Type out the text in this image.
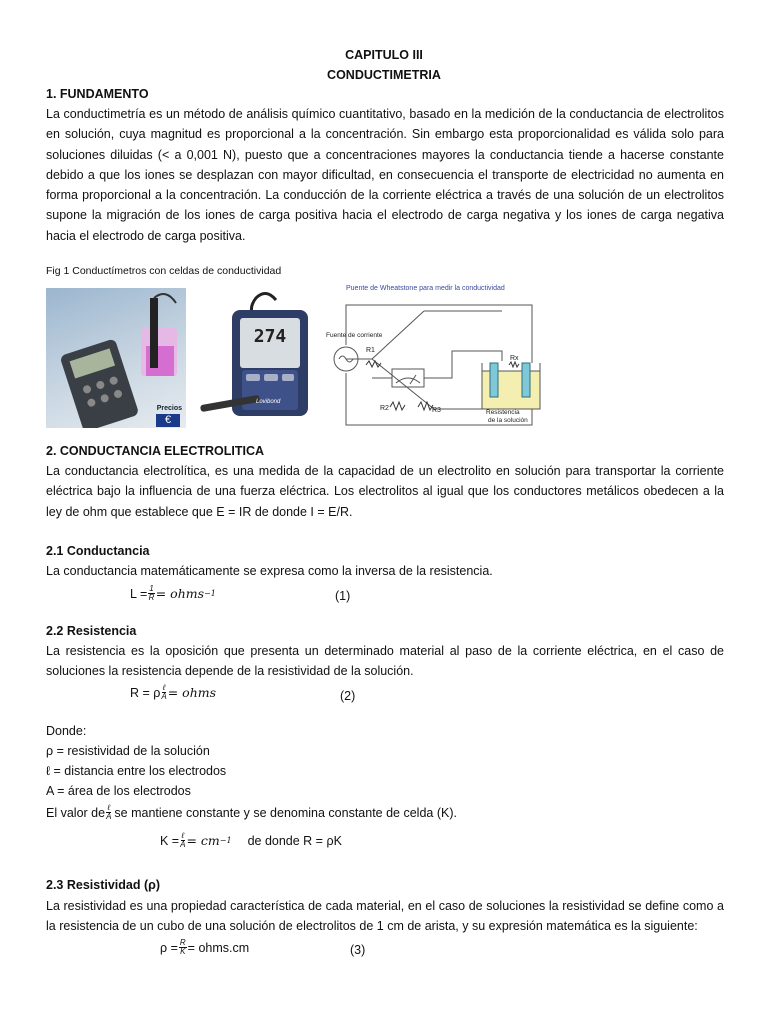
CAPITULO III
CONDUCTIMETRIA
1. FUNDAMENTO
La conductimetría es un método de análisis químico cuantitativo, basado en la medición de la conductancia de electrolitos en solución, cuya magnitud es proporcional a la concentración. Sin embargo esta proporcionalidad es válida solo para soluciones diluidas (< a 0,001 N), puesto que a concentraciones mayores la conductancia tiende a hacerse constante debido a que los iones se desplazan con mayor dificultad, en consecuencia el transporte de electricidad no aumenta en forma proporcional a la concentración. La conducción de la corriente eléctrica a través de una solución de un electrolitos supone la migración de los iones de carga positiva hacia el electrodo de carga negativa y los iones de carga negativa hacia el electrodo de carga positiva.
Fig 1 Conductímetros con celdas de conductividad
Precios
€
274
Lovibond
Puente de Wheatstone para medir la conductividad
Fuente de corriente
R1
R2	R3
Rx
Resistencia
de la solución
2. CONDUCTANCIA ELECTROLITICA
La conductancia electrolítica, es una medida de la capacidad de un electrolito en solución para transportar la corriente eléctrica bajo la influencia de una fuerza eléctrica. Los electrolitos al igual que los conductores metálicos obedecen a la ley de ohm que establece que E = IR de donde I = E/R.
2.1 Conductancia
La conductancia matemáticamente se expresa como la inversa de la resistencia.
$L = \frac{1}{R}$ = ohms −1	(1)
2.2 Resistencia
La resistencia es la oposición que presenta un determinado material al paso de la corriente eléctrica, en el caso de soluciones la resistencia depende de la resistividad de la solución.
R = ρ $\frac{\text{ℓ}}{A}$ = ohms	(2)
Donde:
ρ = resistividad de la solución
ℓ = distancia entre los electrodos
A = área de los electrodos
El valor de $\frac{\text{ℓ}}{A}$ se mantiene constante y se denomina constante de celda (K).
$K = \frac{\text{ℓ}}{A}$ = cm −1 de donde R = ρK
2.3 Resistividad (ρ)
La resistividad es una propiedad característica de cada material, en el caso de soluciones la resistividad se define como a la resistencia de un cubo de una solución de electrolitos de 1 cm de arista, y su expresión matemática es la siguiente:
$\rho = \frac{R}{K}$ = ohms.cm	(3)
